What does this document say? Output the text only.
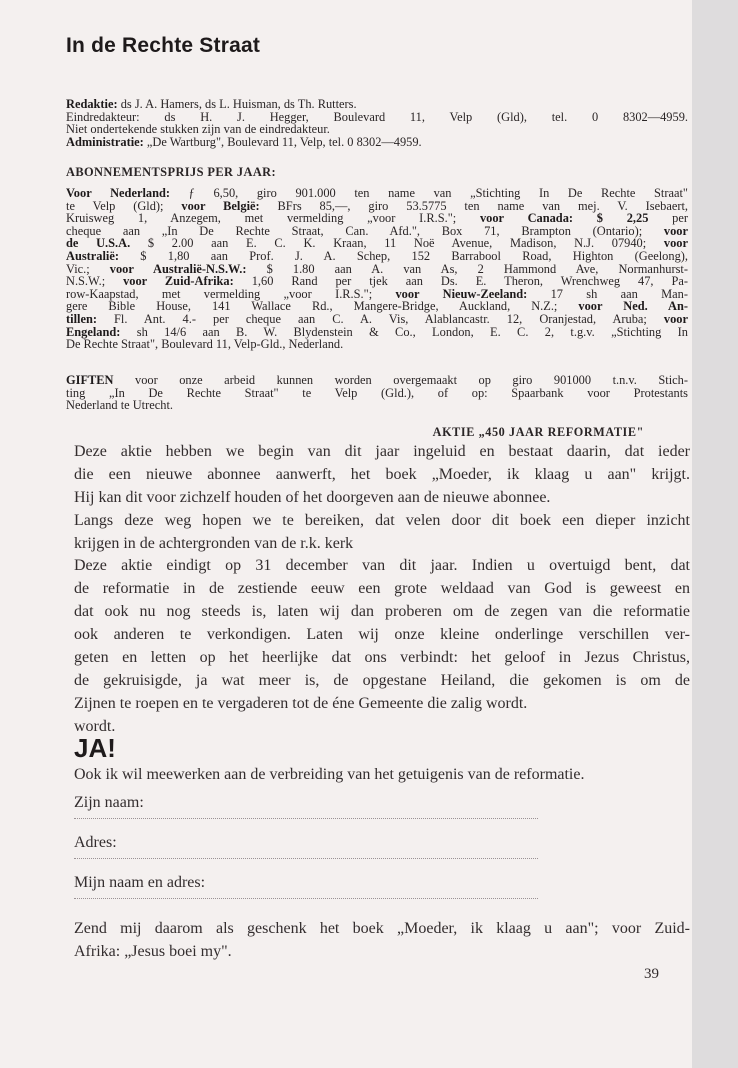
In de Rechte Straat
Redaktie: ds J. A. Hamers, ds L. Huisman, ds Th. Rutters.
Eindredakteur: ds H. J. Hegger, Boulevard 11, Velp (Gld), tel. 0 8302—4959.
Niet ondertekende stukken zijn van de eindredakteur.
Administratie: „De Wartburg", Boulevard 11, Velp, tel. 0 8302—4959.
ABONNEMENTSPRIJS PER JAAR:
Voor Nederland: ƒ 6,50, giro 901.000 ten name van „Stichting In De Rechte Straat"
te Velp (Gld); voor België: BFrs 85,—, giro 53.5775 ten name van mej. V. Isebaert,
Kruisweg 1, Anzegem, met vermelding „voor I.R.S."; voor Canada: $ 2,25 per
cheque aan „In De Rechte Straat, Can. Afd.", Box 71, Brampton (Ontario); voor
de U.S.A. $ 2.00 aan E. C. K. Kraan, 11 Noë Avenue, Madison, N.J. 07940; voor
Australië: $ 1,80 aan Prof. J. A. Schep, 152 Barrabool Road, Highton (Geelong),
Vic.; voor Australië-N.S.W.: $ 1.80 aan A. van As, 2 Hammond Ave, Normanhurst-
N.S.W.; voor Zuid-Afrika: 1,60 Rand per tjek aan Ds. E. Theron, Wrenchweg 47, Pa-
row-Kaapstad, met vermelding „voor I.R.S."; voor Nieuw-Zeeland: 17 sh aan Man-
gere Bible House, 141 Wallace Rd., Mangere-Bridge, Auckland, N.Z.; voor Ned. An-
tillen: Fl. Ant. 4.- per cheque aan C. A. Vis, Alablancastr. 12, Oranjestad, Aruba; voor
Engeland: sh 14/6 aan B. W. Blydenstein & Co., London, E. C. 2, t.g.v. „Stichting In
De Rechte Straat", Boulevard 11, Velp-Gld., Nederland.
GIFTEN voor onze arbeid kunnen worden overgemaakt op giro 901000 t.n.v. Stich-
ting „In De Rechte Straat" te Velp (Gld.), of op: Spaarbank voor Protestants
Nederland te Utrecht.
AKTIE „450 JAAR REFORMATIE"
Deze aktie hebben we begin van dit jaar ingeluid en bestaat daarin, dat ieder
die een nieuwe abonnee aanwerft, het boek „Moeder, ik klaag u aan" krijgt.
Hij kan dit voor zichzelf houden of het doorgeven aan de nieuwe abonnee.
Langs deze weg hopen we te bereiken, dat velen door dit boek een dieper inzicht
krijgen in de achtergronden van de r.k. kerk
Deze aktie eindigt op 31 december van dit jaar. Indien u overtuigd bent, dat
de reformatie in de zestiende eeuw een grote weldaad van God is geweest en
dat ook nu nog steeds is, laten wij dan proberen om de zegen van die reformatie
ook anderen te verkondigen. Laten wij onze kleine onderlinge verschillen ver-
geten en letten op het heerlijke dat ons verbindt: het geloof in Jezus Christus,
de gekruisigde, ja wat meer is, de opgestane Heiland, die gekomen is om de
Zijnen te roepen en te vergaderen tot de éne Gemeente die zalig wordt.
wordt.
JA!
Ook ik wil meewerken aan de verbreiding van het getuigenis van de reformatie.
Zijn naam:
Adres:
Mijn naam en adres:
Zend mij daarom als geschenk het boek „Moeder, ik klaag u aan"; voor Zuid-
Afrika: „Jesus boei my".
39
